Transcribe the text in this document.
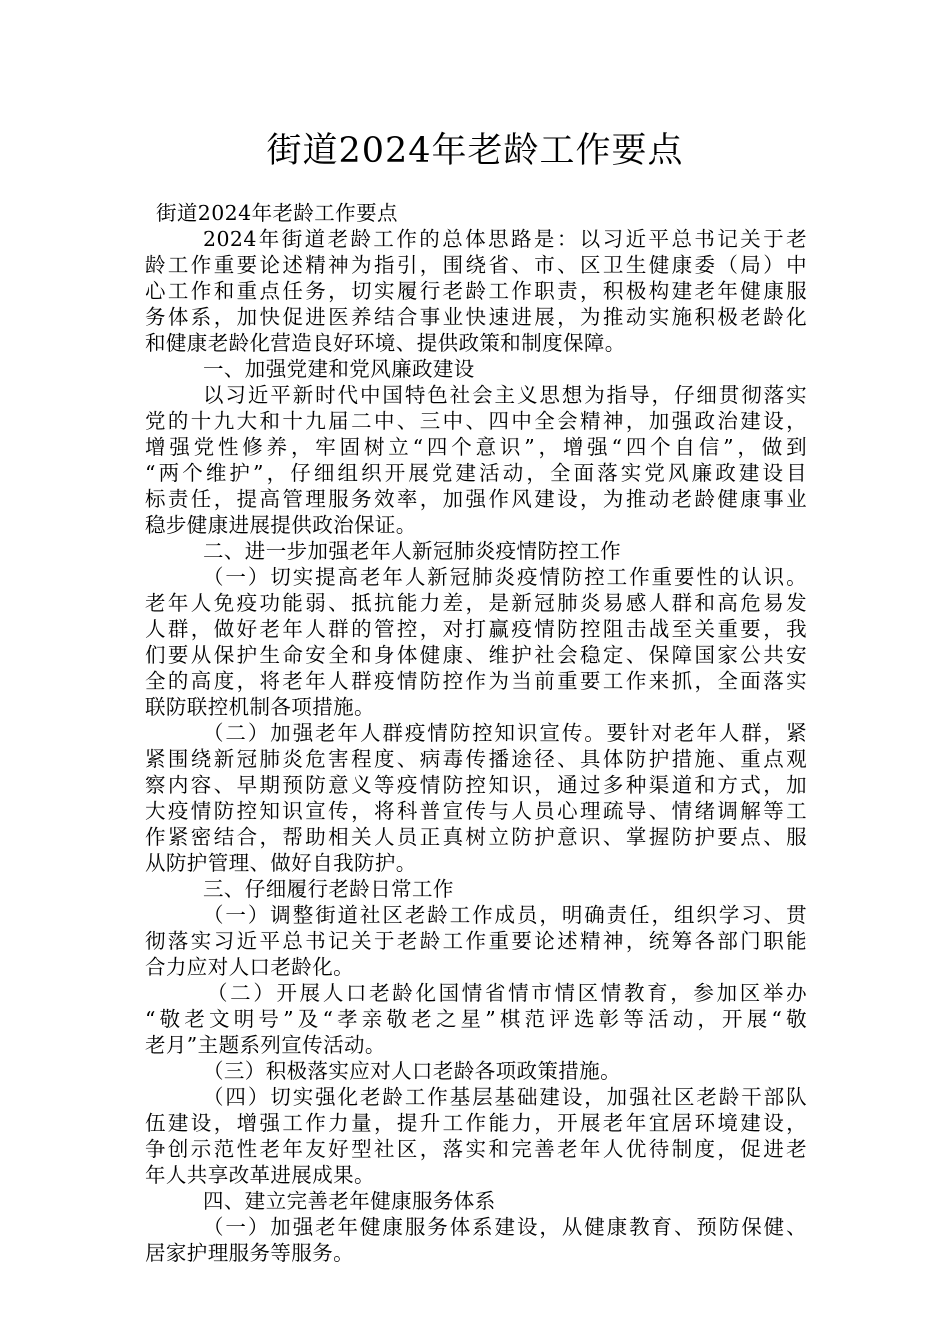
街道2024年老龄工作要点
街道2024年老龄工作要点
2024年街道老龄工作的总体思路是：以习近平总书记关于老
龄工作重要论述精神为指引，围绕省、市、区卫生健康委（局）中
心工作和重点任务，切实履行老龄工作职责，积极构建老年健康服
务体系，加快促进医养结合事业快速进展，为推动实施积极老龄化
和健康老龄化营造良好环境、提供政策和制度保障。
一、加强党建和党风廉政建设
以习近平新时代中国特色社会主义思想为指导，仔细贯彻落实
党的十九大和十九届二中、三中、四中全会精神，加强政治建设，
增强党性修养，牢固树立“四个意识”，增强“四个自信”，做到
“两个维护”，仔细组织开展党建活动，全面落实党风廉政建设目
标责任，提高管理服务效率，加强作风建设，为推动老龄健康事业
稳步健康进展提供政治保证。
二、进一步加强老年人新冠肺炎疫情防控工作
（一）切实提高老年人新冠肺炎疫情防控工作重要性的认识。
老年人免疫功能弱、抵抗能力差，是新冠肺炎易感人群和高危易发
人群，做好老年人群的管控，对打赢疫情防控阻击战至关重要，我
们要从保护生命安全和身体健康、维护社会稳定、保障国家公共安
全的高度，将老年人群疫情防控作为当前重要工作来抓，全面落实
联防联控机制各项措施。
（二）加强老年人群疫情防控知识宣传。要针对老年人群，紧
紧围绕新冠肺炎危害程度、病毒传播途径、具体防护措施、重点观
察内容、早期预防意义等疫情防控知识，通过多种渠道和方式，加
大疫情防控知识宣传，将科普宣传与人员心理疏导、情绪调解等工
作紧密结合，帮助相关人员正真树立防护意识、掌握防护要点、服
从防护管理、做好自我防护。
三、仔细履行老龄日常工作
（一）调整街道社区老龄工作成员，明确责任，组织学习、贯
彻落实习近平总书记关于老龄工作重要论述精神，统筹各部门职能
合力应对人口老龄化。
（二）开展人口老龄化国情省情市情区情教育，参加区举办
“敬老文明号”及“孝亲敬老之星”棋范评选彰等活动，开展“敬
老月”主题系列宣传活动。
（三）积极落实应对人口老龄各项政策措施。
（四）切实强化老龄工作基层基础建设，加强社区老龄干部队
伍建设，增强工作力量，提升工作能力，开展老年宜居环境建设，
争创示范性老年友好型社区，落实和完善老年人优待制度，促进老
年人共享改革进展成果。
四、建立完善老年健康服务体系
（一）加强老年健康服务体系建设，从健康教育、预防保健、
居家护理服务等服务。
